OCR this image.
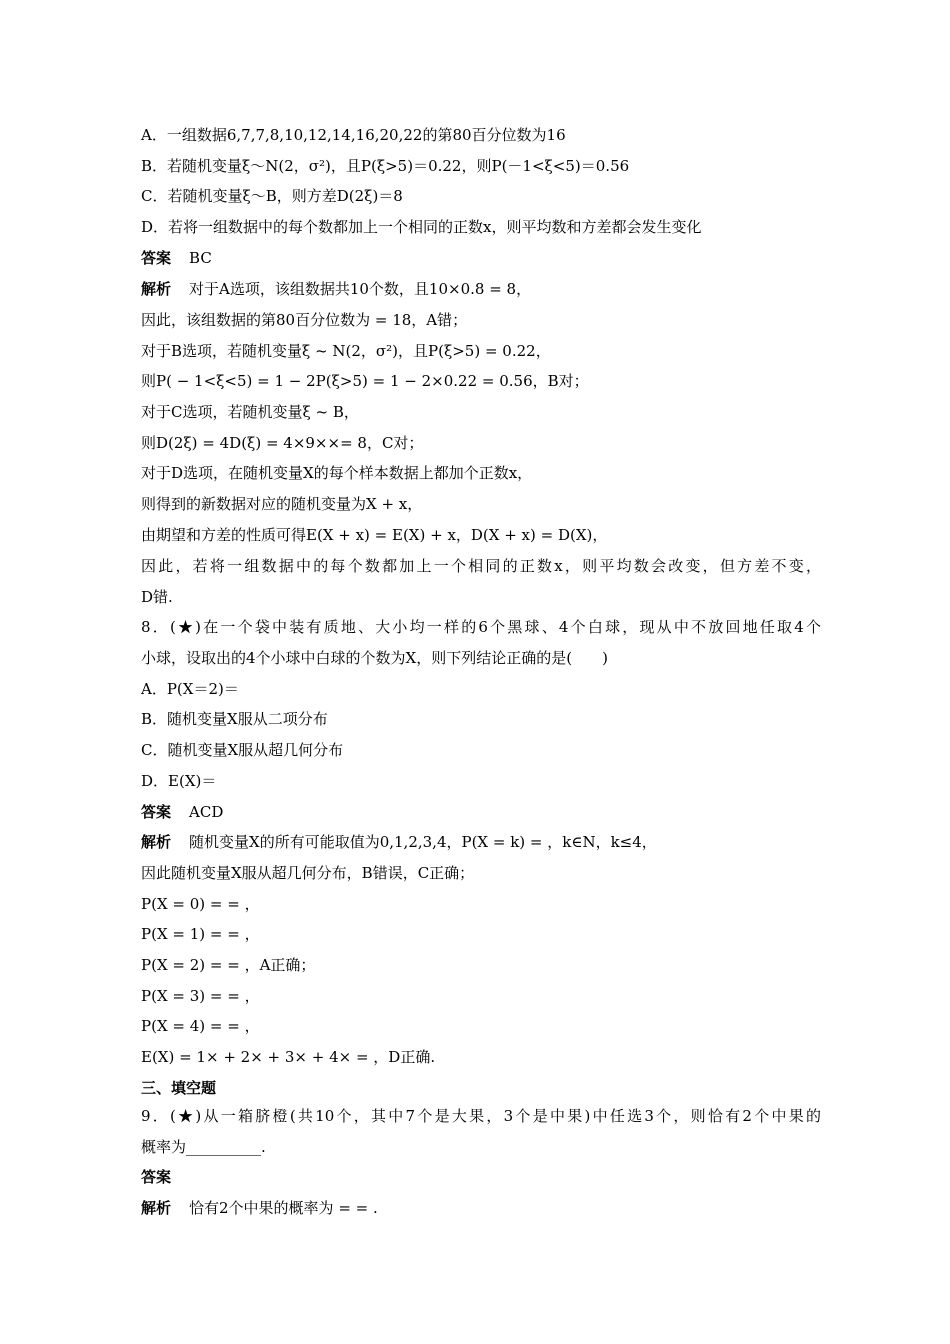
A．一组数据6,7,7,8,10,12,14,16,20,22的第80百分位数为16
B．若随机变量ξ～N(2，σ²)，且P(ξ>5)＝0.22，则P(－1<ξ<5)＝0.56
C．若随机变量ξ～B，则方差D(2ξ)＝8
D．若将一组数据中的每个数都加上一个相同的正数x，则平均数和方差都会发生变化
答案 BC
解析 对于A选项，该组数据共10个数，且10×0.8 = 8，
因此，该组数据的第80百分位数为 = 18，A错；
对于B选项，若随机变量ξ ~ N(2，σ²)，且P(ξ>5) = 0.22，
则P( − 1<ξ<5) = 1 − 2P(ξ>5) = 1 − 2×0.22 = 0.56，B对；
对于C选项，若随机变量ξ ~ B，
则D(2ξ) = 4D(ξ) = 4×9××= 8，C对；
对于D选项，在随机变量X的每个样本数据上都加个正数x，
则得到的新数据对应的随机变量为X + x，
由期望和方差的性质可得E(X + x) = E(X) + x，D(X + x) = D(X)，
因此，若将一组数据中的每个数都加上一个相同的正数x，则平均数会改变，但方差不变，
D错.
8．(★)在一个袋中装有质地、大小均一样的6个黑球、4个白球，现从中不放回地任取4个
小球，设取出的4个小球中白球的个数为X，则下列结论正确的是(　　)
A．P(X＝2)＝
B．随机变量X服从二项分布
C．随机变量X服从超几何分布
D．E(X)＝
答案 ACD
解析 随机变量X的所有可能取值为0,1,2,3,4，P(X = k) = ，k∈N，k≤4，
因此随机变量X服从超几何分布，B错误，C正确；
P(X = 0) = = ，
P(X = 1) = = ，
P(X = 2) = = ，A正确；
P(X = 3) = = ，
P(X = 4) = = ，
E(X) = 1× + 2× + 3× + 4× = ，D正确.
三、填空题
9．(★)从一箱脐橙(共10个，其中7个是大果，3个是中果)中任选3个，则恰有2个中果的
概率为__________.
答案
解析 恰有2个中果的概率为 = = .
